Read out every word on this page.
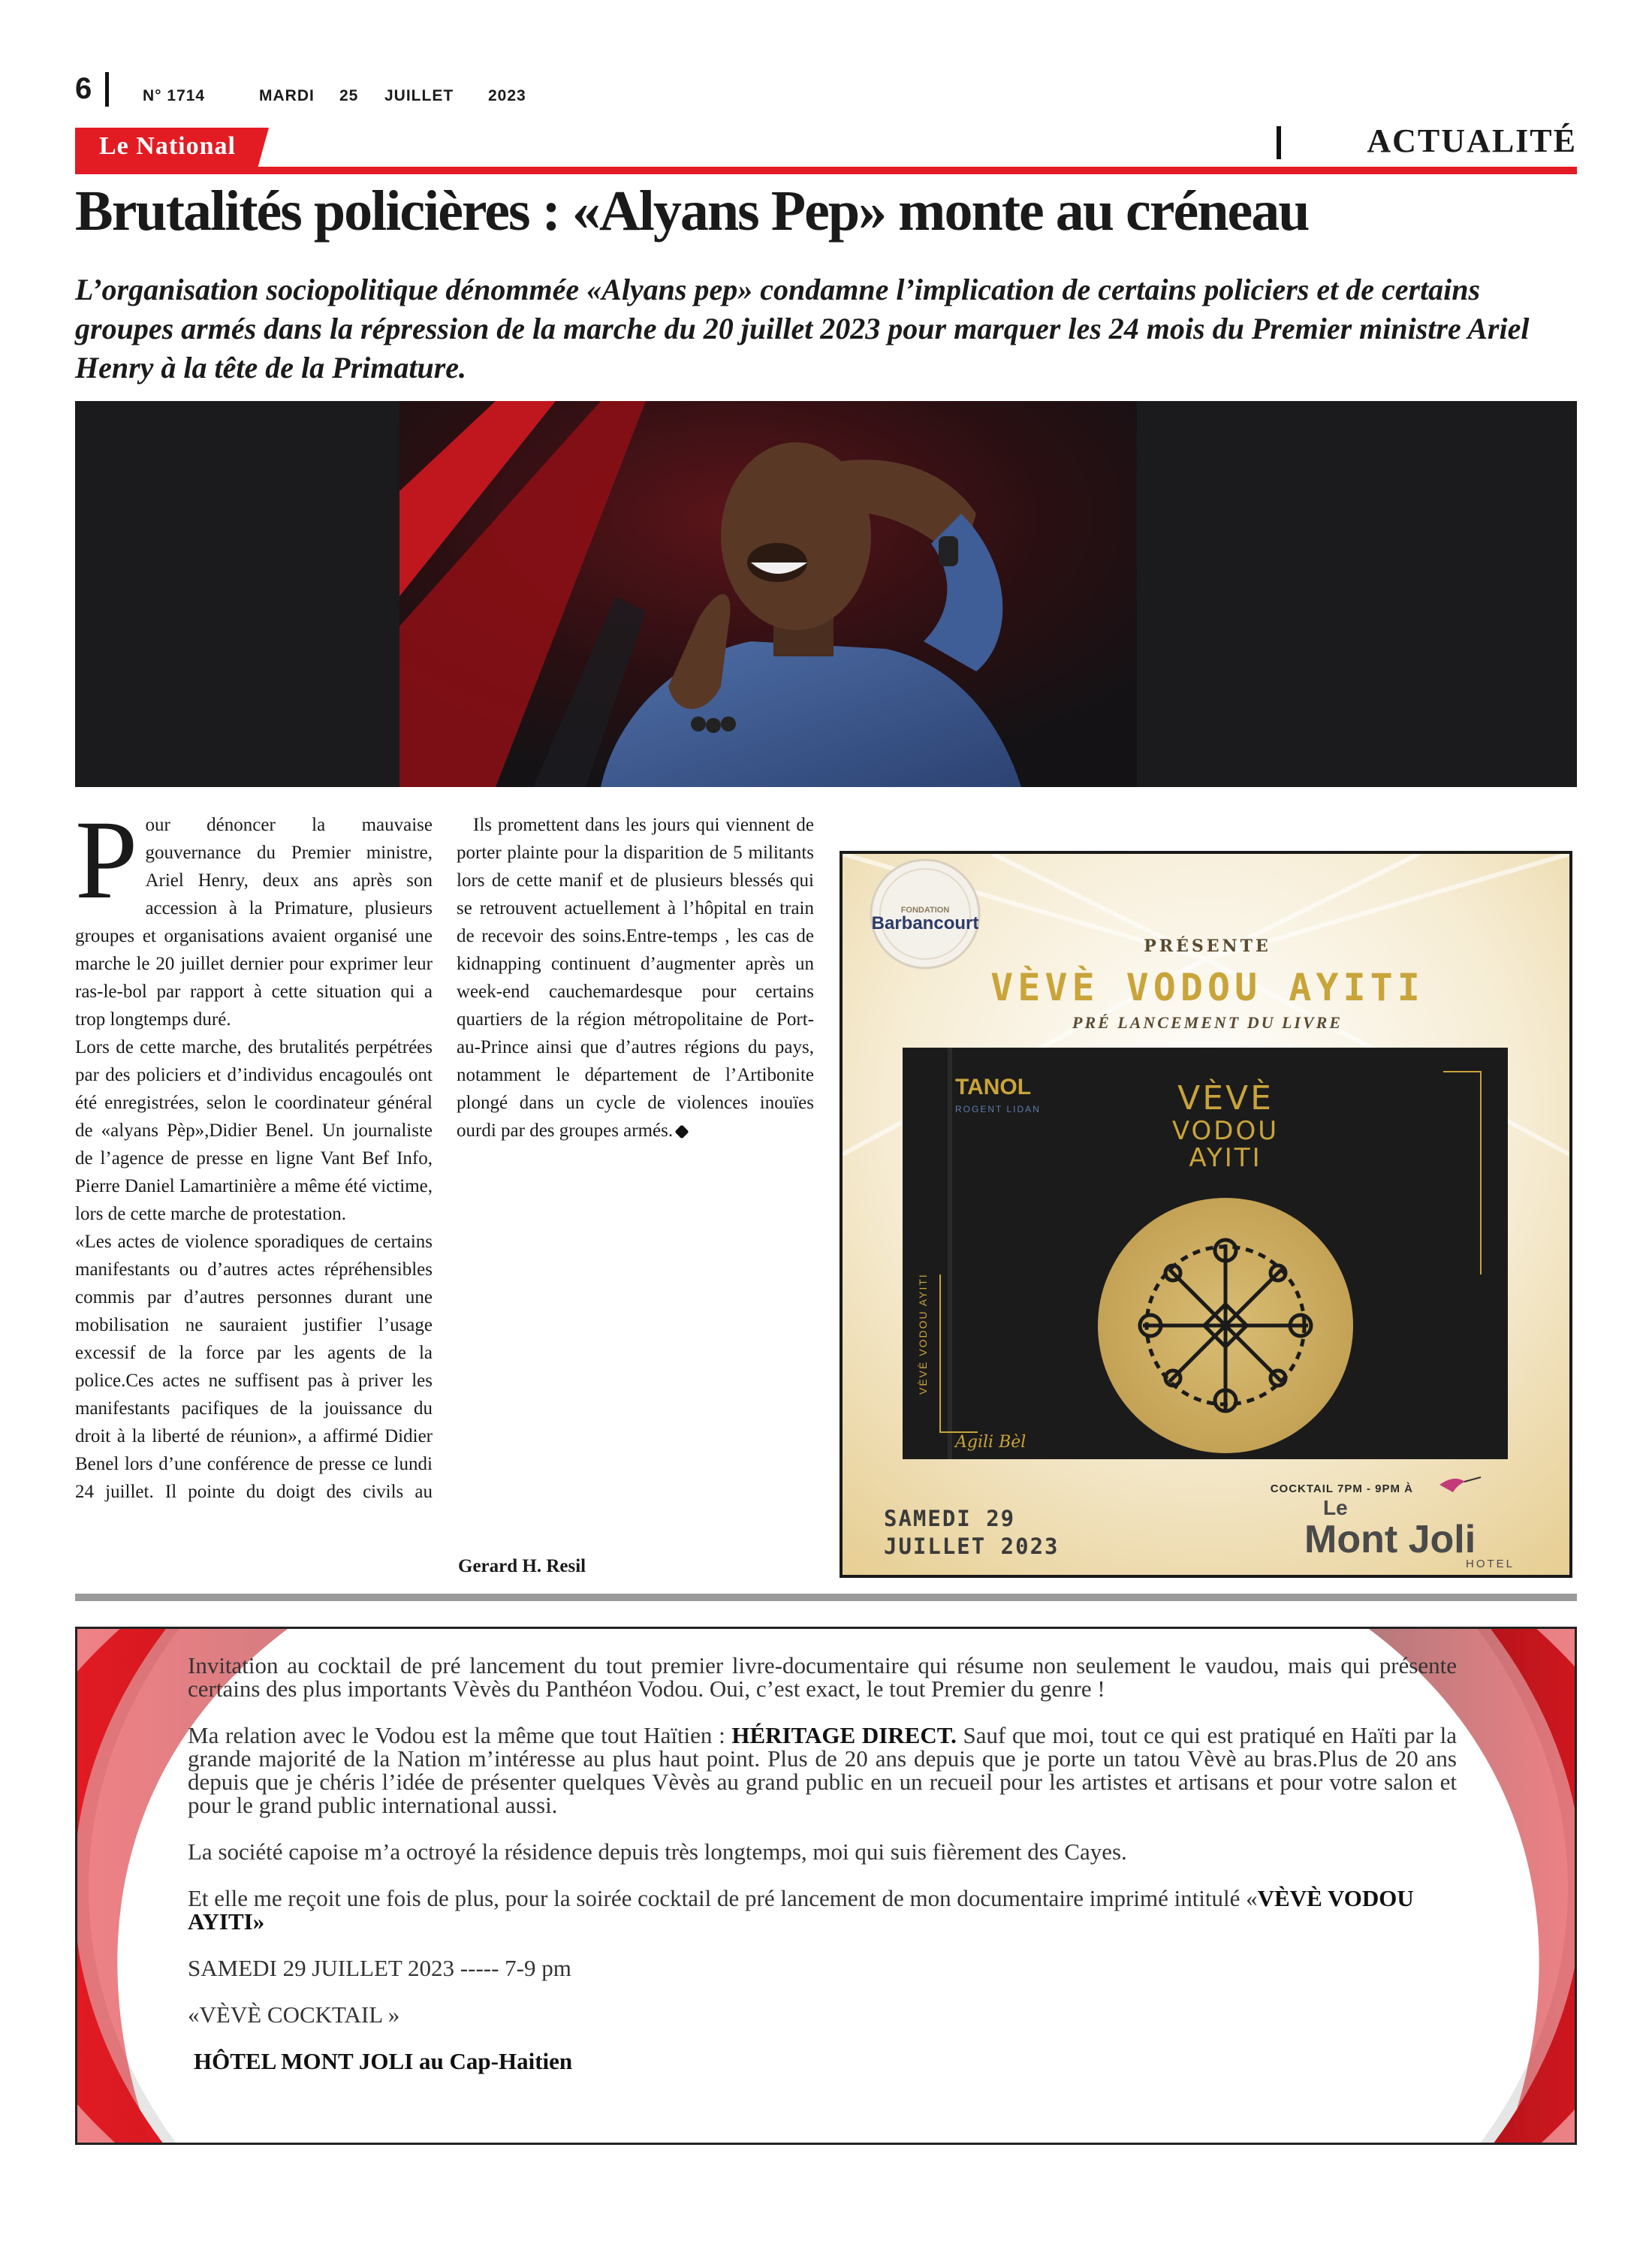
6	N° 1714	MARDI 25 JUILLET 2023
Le National	ACTUALITÉ
Brutalités policières : «Alyans Pep» monte au créneau
L’organisation sociopolitique dénommée «Alyans pep» condamne l’implication de certains policiers et de certains groupes armés dans la répression de la marche du 20 juillet 2023 pour marquer les 24 mois du Premier ministre Ariel Henry à la tête de la Primature.
P our dénoncer la mauvaise gouvernance du Premier ministre, Ariel Henry, deux ans après son accession à la Primature, plusieurs groupes et organisations avaient organisé une marche le 20 juillet dernier pour exprimer leur ras-le-bol par rapport à cette situation qui a trop longtemps duré.

Lors de cette marche, des brutalités perpétrées par des policiers et d’individus encagoulés ont été enregistrées, selon le coordinateur général de «alyans Pèp»,Didier Benel. Un journaliste de l’agence de presse en ligne Vant Bef Info, Pierre Daniel Lamartinière a même été victime, lors de cette marche de protestation.

«Les actes de violence sporadiques de certains manifestants ou d’autres actes répréhensibles commis par d’autres personnes durant une mobilisation ne sauraient justifier l’usage excessif de la force par les agents de la police.Ces actes ne suffisent pas à priver les manifestants pacifiques de la jouissance du droit à la liberté de réunion», a affirmé Didier Benel lors d’une conférence de presse ce lundi 24 juillet. Il pointe du doigt des civils au

Ils promettent dans les jours qui viennent de porter plainte pour la disparition de 5 militants lors de cette manif et de plusieurs blessés qui se retrouvent actuellement à l’hôpital en train de recevoir des soins.Entre-temps , les cas de kidnapping continuent d’augmenter après un week-end cauchemardesque pour certains quartiers de la région métropolitaine de Port-au-Prince ainsi que d’autres régions du pays, notamment le département de l’Artibonite plongé dans un cycle de violences inouïes ourdi par des groupes armés.

Gerard H. Resil
FONDATION
Barbancourt
PRÉSENTE
VÈVÈ VODOU AYITI
PRÉ LANCEMENT DU LIVRE
TANOL
ROGENT LIDAN
VÈVÈ VODOU AYITI
VÈVÈ
VODOU
AYITI
Agili Bèl
COCKTAIL 7PM - 9PM À
Le
Mont Joli
HOTEL
SAMEDI 29
JUILLET 2023

Invitation au cocktail de pré lancement du tout premier livre-documentaire qui résume non seulement le vaudou, mais qui présente certains des plus importants Vèvès du Panthéon Vodou. Oui, c’est exact, le tout Premier du genre !

Ma relation avec le Vodou est la même que tout Haïtien : HÉRITAGE DIRECT. Sauf que moi, tout ce qui est pratiqué en Haïti par la grande majorité de la Nation m’intéresse au plus haut point. Plus de 20 ans depuis que je porte un tatou Vèvè au bras.Plus de 20 ans depuis que je chéris l’idée de présenter quelques Vèvès au grand public en un recueil pour les artistes et artisans et pour votre salon et pour le grand public international aussi.

La société capoise m’a octroyé la résidence depuis très longtemps, moi qui suis fièrement des Cayes.

Et elle me reçoit une fois de plus, pour la soirée cocktail de pré lancement de mon documentaire imprimé intitulé «VÈVÈ VODOU AYITI»

SAMEDI 29 JUILLET 2023 ----- 7-9 pm

«VÈVÈ COCKTAIL »

HÔTEL MONT JOLI au Cap-Haitien
